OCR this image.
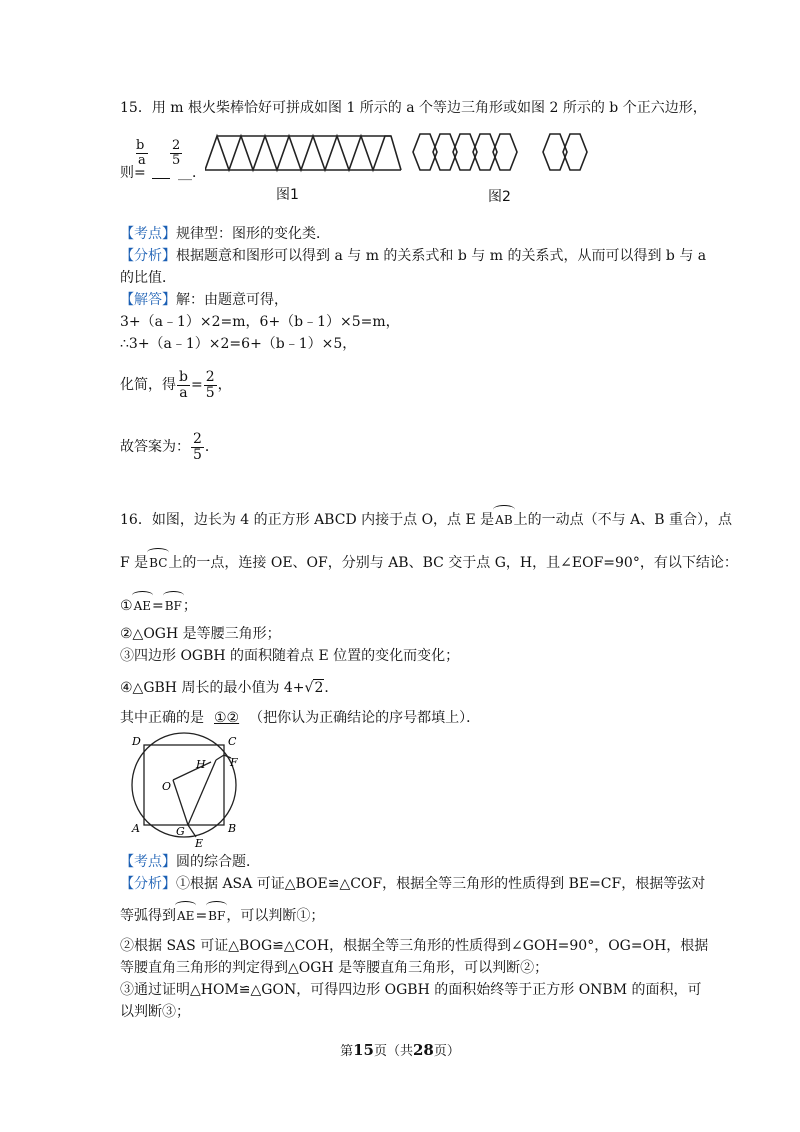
15．用 m 根火柴棒恰好可拼成如图 1 所示的 a 个等边三角形或如图 2 所示的 b 个正六边形，
b
a
2
5
则= __．
图1	图2
【考点】规律型：图形的变化类．
【分析】根据题意和图形可以得到 a 与 m 的关系式和 b 与 m 的关系式，从而可以得到 b 与 a
的比值．
【解答】解：由题意可得，
3+（a﹣1）×2=m，6+（b﹣1）×5=m，
∴3+（a﹣1）×2=6+（b﹣1）×5，
化简，得 $\frac{b}{a} = \frac{2}{5}$ ，
故答案为： $\frac{2}{5}$ ．
16．如图，边长为 4 的正方形 ABCD 内接于点 O，点 E 是AB上的一动点（不与 A、B 重合），点
F 是BC上的一点，连接 OE、OF，分别与 AB、BC 交于点 G，H，且∠EOF=90°，有以下结论：
①AE=BF；
②△OGH 是等腰三角形；
③四边形 OGBH 的面积随着点 E 位置的变化而变化；
④△GBH 周长的最小值为 4+√2．
其中正确的是 ①② （把你认为正确结论的序号都填上）．
D	C
A	B
O
H F
G
E
【考点】圆的综合题．
【分析】①根据 ASA 可证△BOE≌△COF，根据全等三角形的性质得到 BE=CF，根据等弦对
等弧得到AE=BF，可以判断①；
②根据 SAS 可证△BOG≌△COH，根据全等三角形的性质得到∠GOH=90°，OG=OH，根据
等腰直角三角形的判定得到△OGH 是等腰直角三角形，可以判断②；
③通过证明△HOM≌△GON，可得四边形 OGBH 的面积始终等于正方形 ONBM 的面积，可
以判断③；
第15页（共28页）
